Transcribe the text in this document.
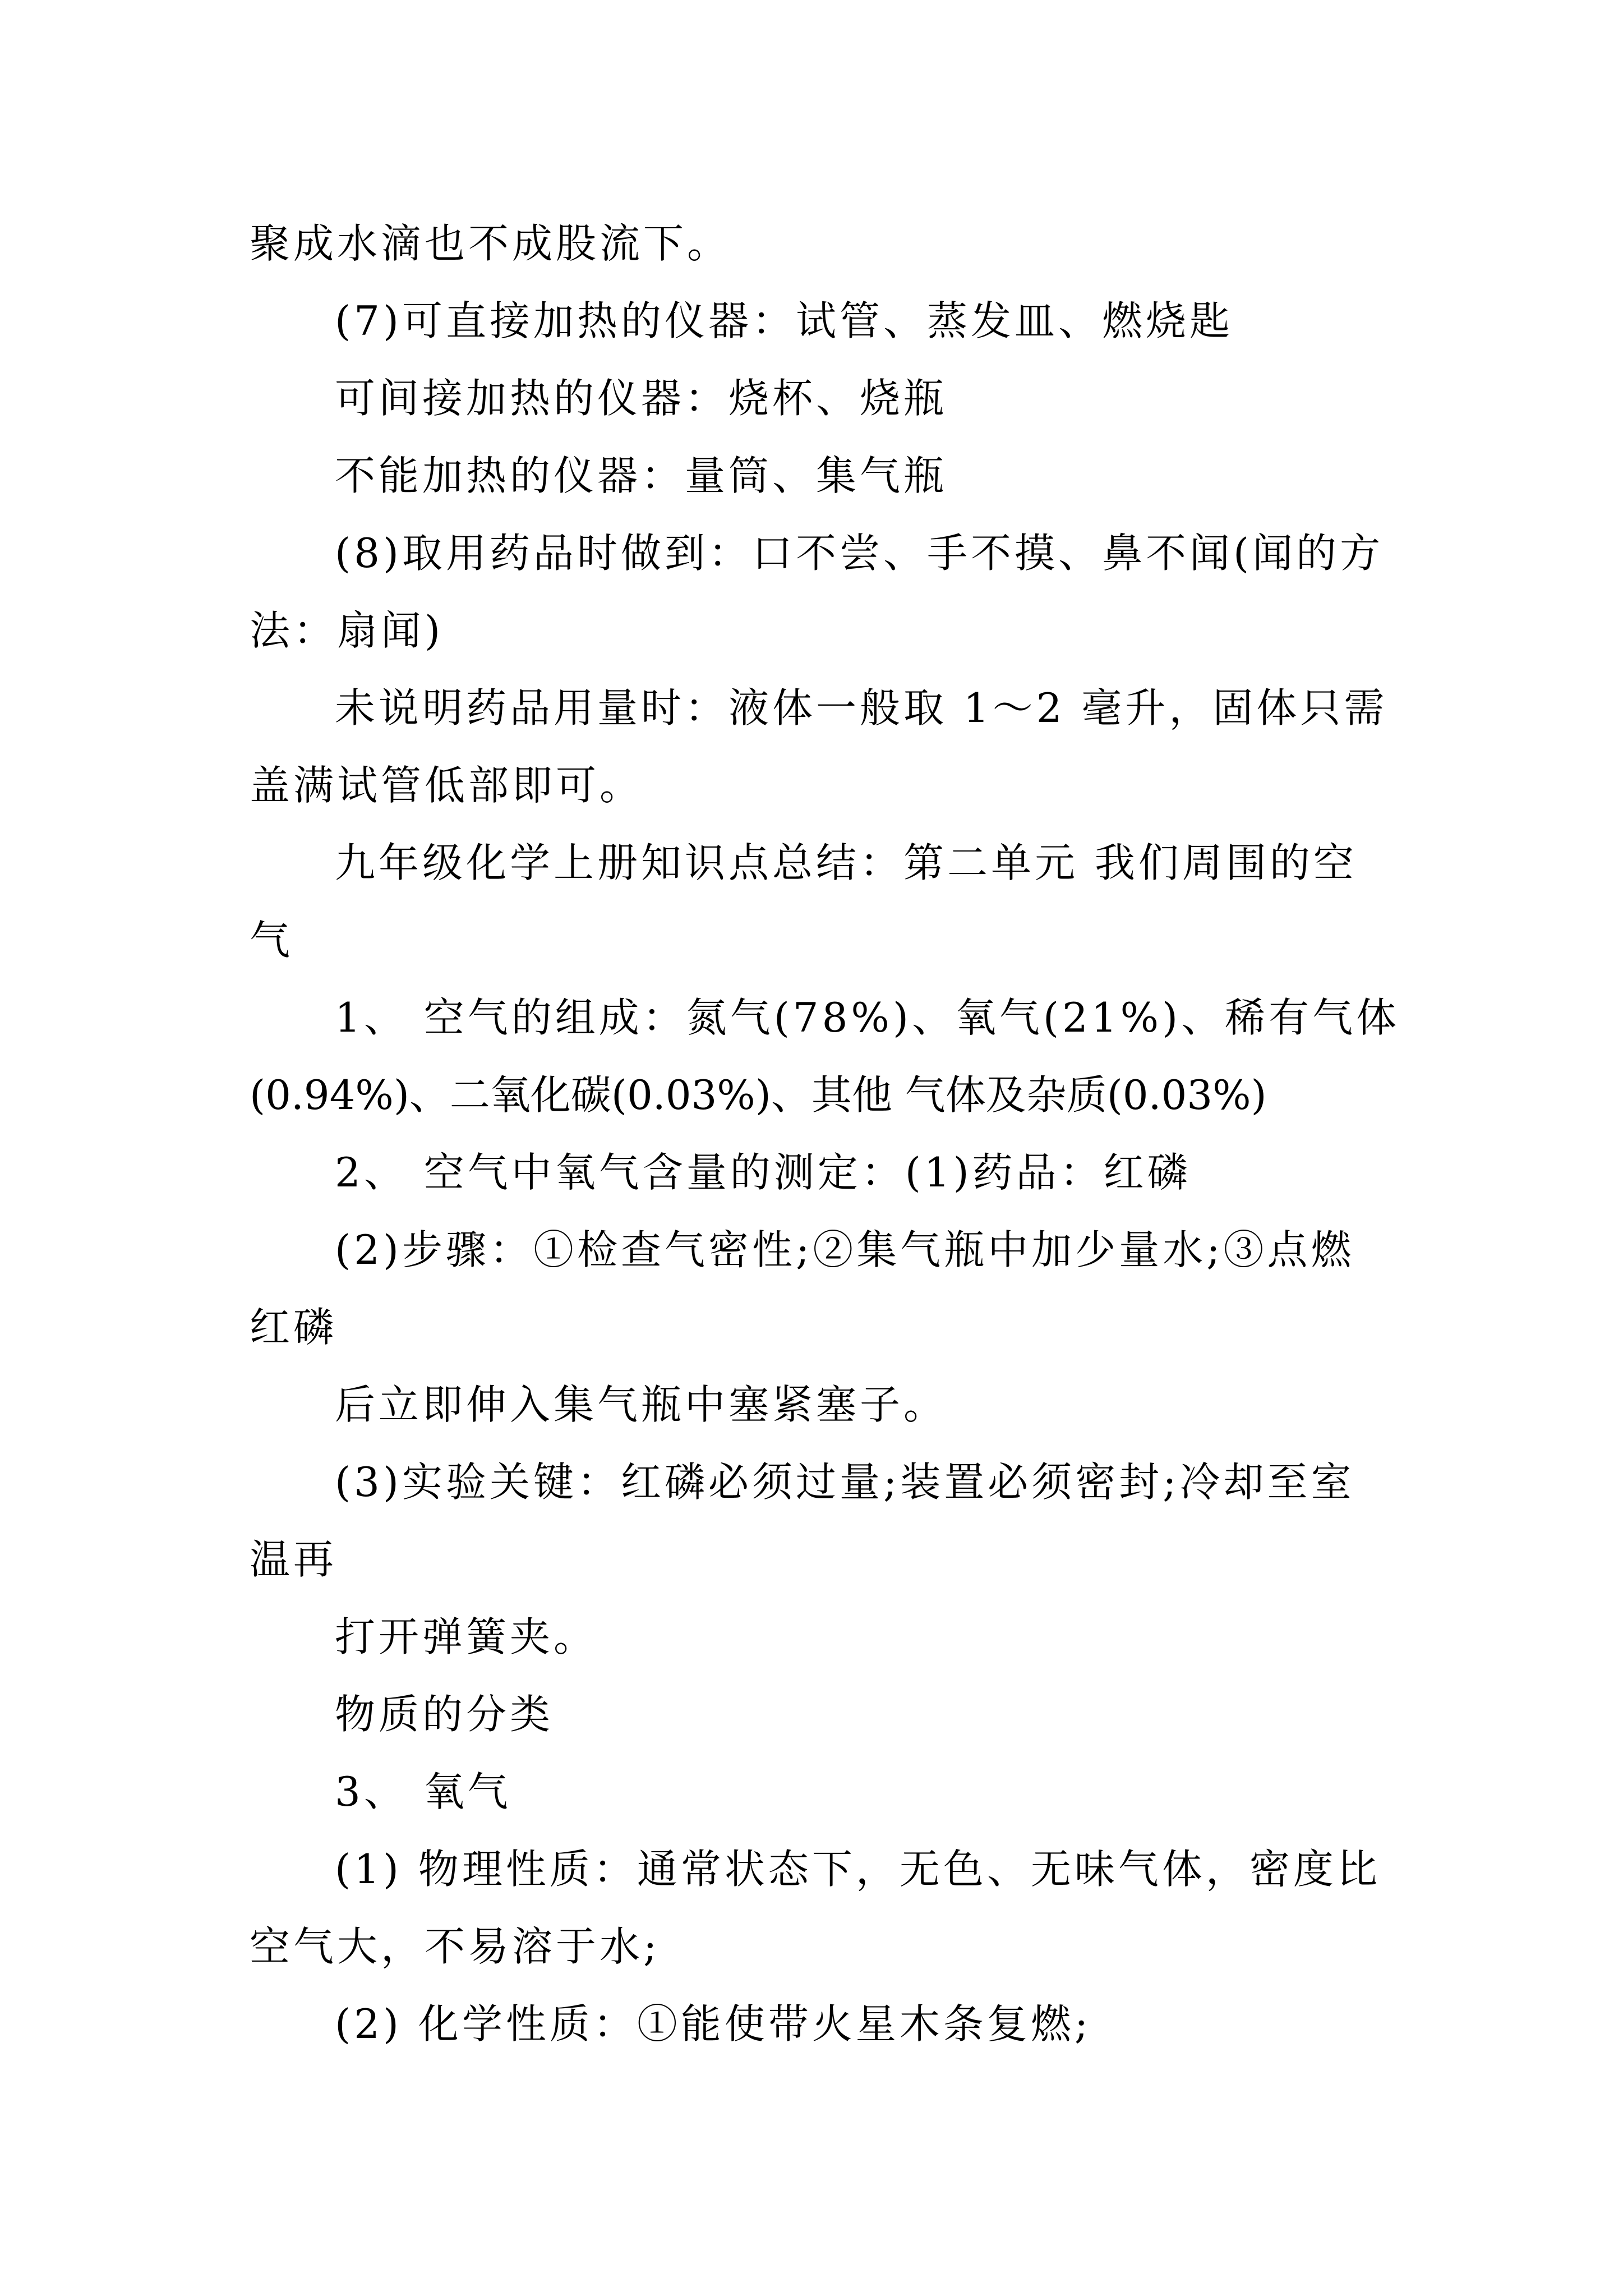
聚成水滴也不成股流下。
(7)可直接加热的仪器：试管、蒸发皿、燃烧匙
可间接加热的仪器：烧杯、烧瓶
不能加热的仪器：量筒、集气瓶
(8)取用药品时做到：口不尝、手不摸、鼻不闻(闻的方
法：扇闻)
未说明药品用量时：液体一般取 1～2 毫升，固体只需
盖满试管低部即可。
九年级化学上册知识点总结：第二单元 我们周围的空
气
1、 空气的组成：氮气(78%)、氧气(21%)、稀有气体
(0.94%)、二氧化碳(0.03%)、其他 气体及杂质(0.03%)
2、 空气中氧气含量的测定：(1)药品：红磷
(2)步骤：①检查气密性;②集气瓶中加少量水;③点燃
红磷
后立即伸入集气瓶中塞紧塞子。
(3)实验关键：红磷必须过量;装置必须密封;冷却至室
温再
打开弹簧夹。
物质的分类
3、 氧气
(1) 物理性质：通常状态下，无色、无味气体，密度比
空气大，不易溶于水;
(2) 化学性质：①能使带火星木条复燃;
